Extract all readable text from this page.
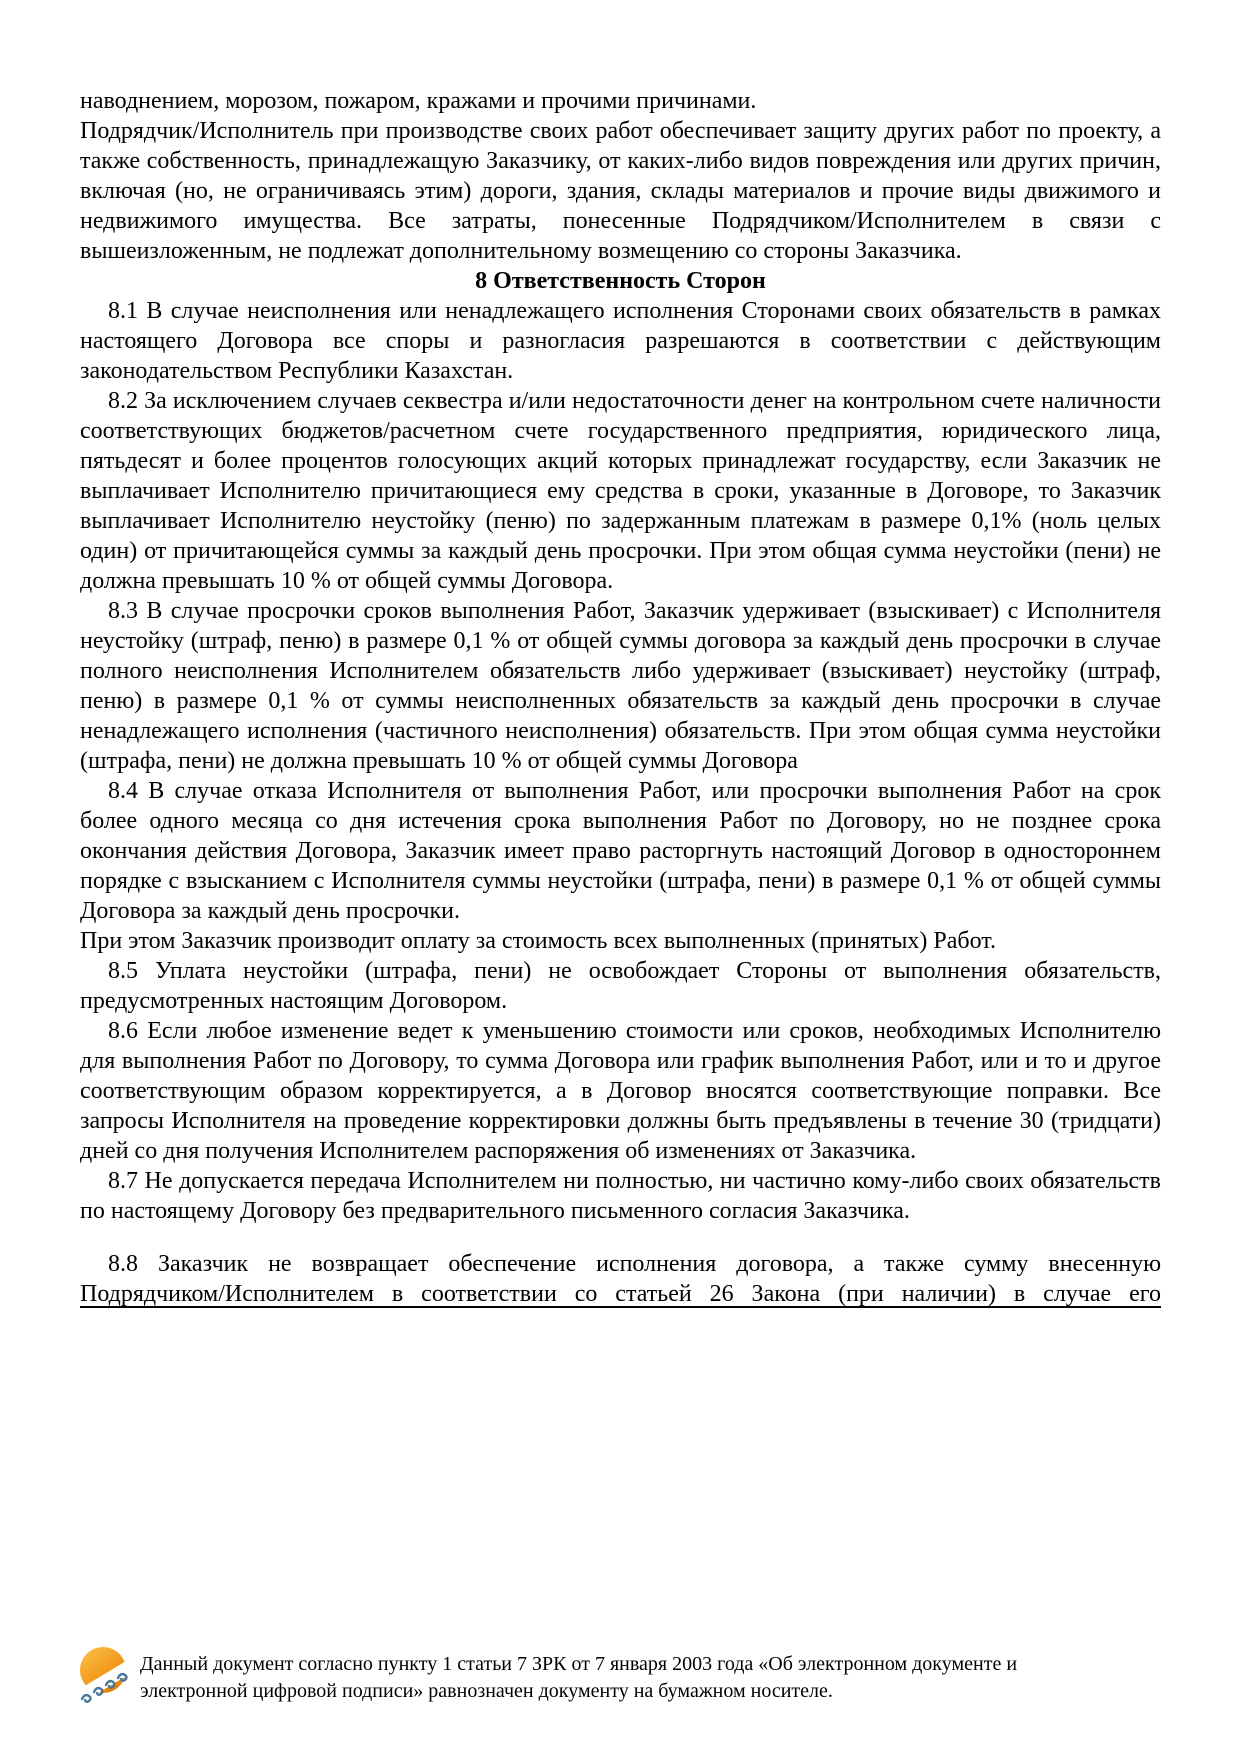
наводнением, морозом, пожаром, кражами и прочими причинами.

Подрядчик/Исполнитель при производстве своих работ обеспечивает защиту других работ по проекту, а также собственность, принадлежащую Заказчику, от каких-либо видов повреждения или других причин, включая (но, не ограничиваясь этим) дороги, здания, склады материалов и прочие виды движимого и недвижимого имущества. Все затраты, понесенные Подрядчиком/Исполнителем в связи с вышеизложенным, не подлежат дополнительному возмещению со стороны Заказчика.

8 Ответственность Сторон

8.1 В случае неисполнения или ненадлежащего исполнения Сторонами своих обязательств в рамках настоящего Договора все споры и разногласия разрешаются в соответствии с действующим законодательством Республики Казахстан.

8.2 За исключением случаев секвестра и/или недостаточности денег на контрольном счете наличности соответствующих бюджетов/расчетном счете государственного предприятия, юридического лица, пятьдесят и более процентов голосующих акций которых принадлежат государству, если Заказчик не выплачивает Исполнителю причитающиеся ему средства в сроки, указанные в Договоре, то Заказчик выплачивает Исполнителю неустойку (пеню) по задержанным платежам в размере 0,1% (ноль целых один) от причитающейся суммы за каждый день просрочки. При этом общая сумма неустойки (пени) не должна превышать 10 % от общей суммы Договора.

8.3 В случае просрочки сроков выполнения Работ, Заказчик удерживает (взыскивает) с Исполнителя неустойку (штраф, пеню) в размере 0,1 % от общей суммы договора за каждый день просрочки в случае полного неисполнения Исполнителем обязательств либо удерживает (взыскивает) неустойку (штраф, пеню) в размере 0,1 % от суммы неисполненных обязательств за каждый день просрочки в случае ненадлежащего исполнения (частичного неисполнения) обязательств. При этом общая сумма неустойки (штрафа, пени) не должна превышать 10 % от общей суммы Договора

8.4 В случае отказа Исполнителя от выполнения Работ, или просрочки выполнения Работ на срок более одного месяца со дня истечения срока выполнения Работ по Договору, но не позднее срока окончания действия Договора, Заказчик имеет право расторгнуть настоящий Договор в одностороннем порядке с взысканием с Исполнителя суммы неустойки (штрафа, пени) в размере 0,1 % от общей суммы Договора за каждый день просрочки.

При этом Заказчик производит оплату за стоимость всех выполненных (принятых) Работ.

8.5 Уплата неустойки (штрафа, пени) не освобождает Стороны от выполнения обязательств, предусмотренных настоящим Договором.

8.6 Если любое изменение ведет к уменьшению стоимости или сроков, необходимых Исполнителю для выполнения Работ по Договору, то сумма Договора или график выполнения Работ, или и то и другое соответствующим образом корректируется, а в Договор вносятся соответствующие поправки. Все запросы Исполнителя на проведение корректировки должны быть предъявлены в течение 30 (тридцати) дней со дня получения Исполнителем распоряжения об изменениях от Заказчика.

8.7 Не допускается передача Исполнителем ни полностью, ни частично кому-либо своих обязательств по настоящему Договору без предварительного письменного согласия Заказчика.

8.8 Заказчик не возвращает обеспечение исполнения договора, а также сумму внесенную

Подрядчиком/Исполнителем в соответствии со статьей 26 Закона (при наличии) в случае его

Данный документ согласно пункту 1 статьи 7 ЗРК от 7 января 2003 года «Об электронном документе и электронной цифровой подписи» равнозначен документу на бумажном носителе.
